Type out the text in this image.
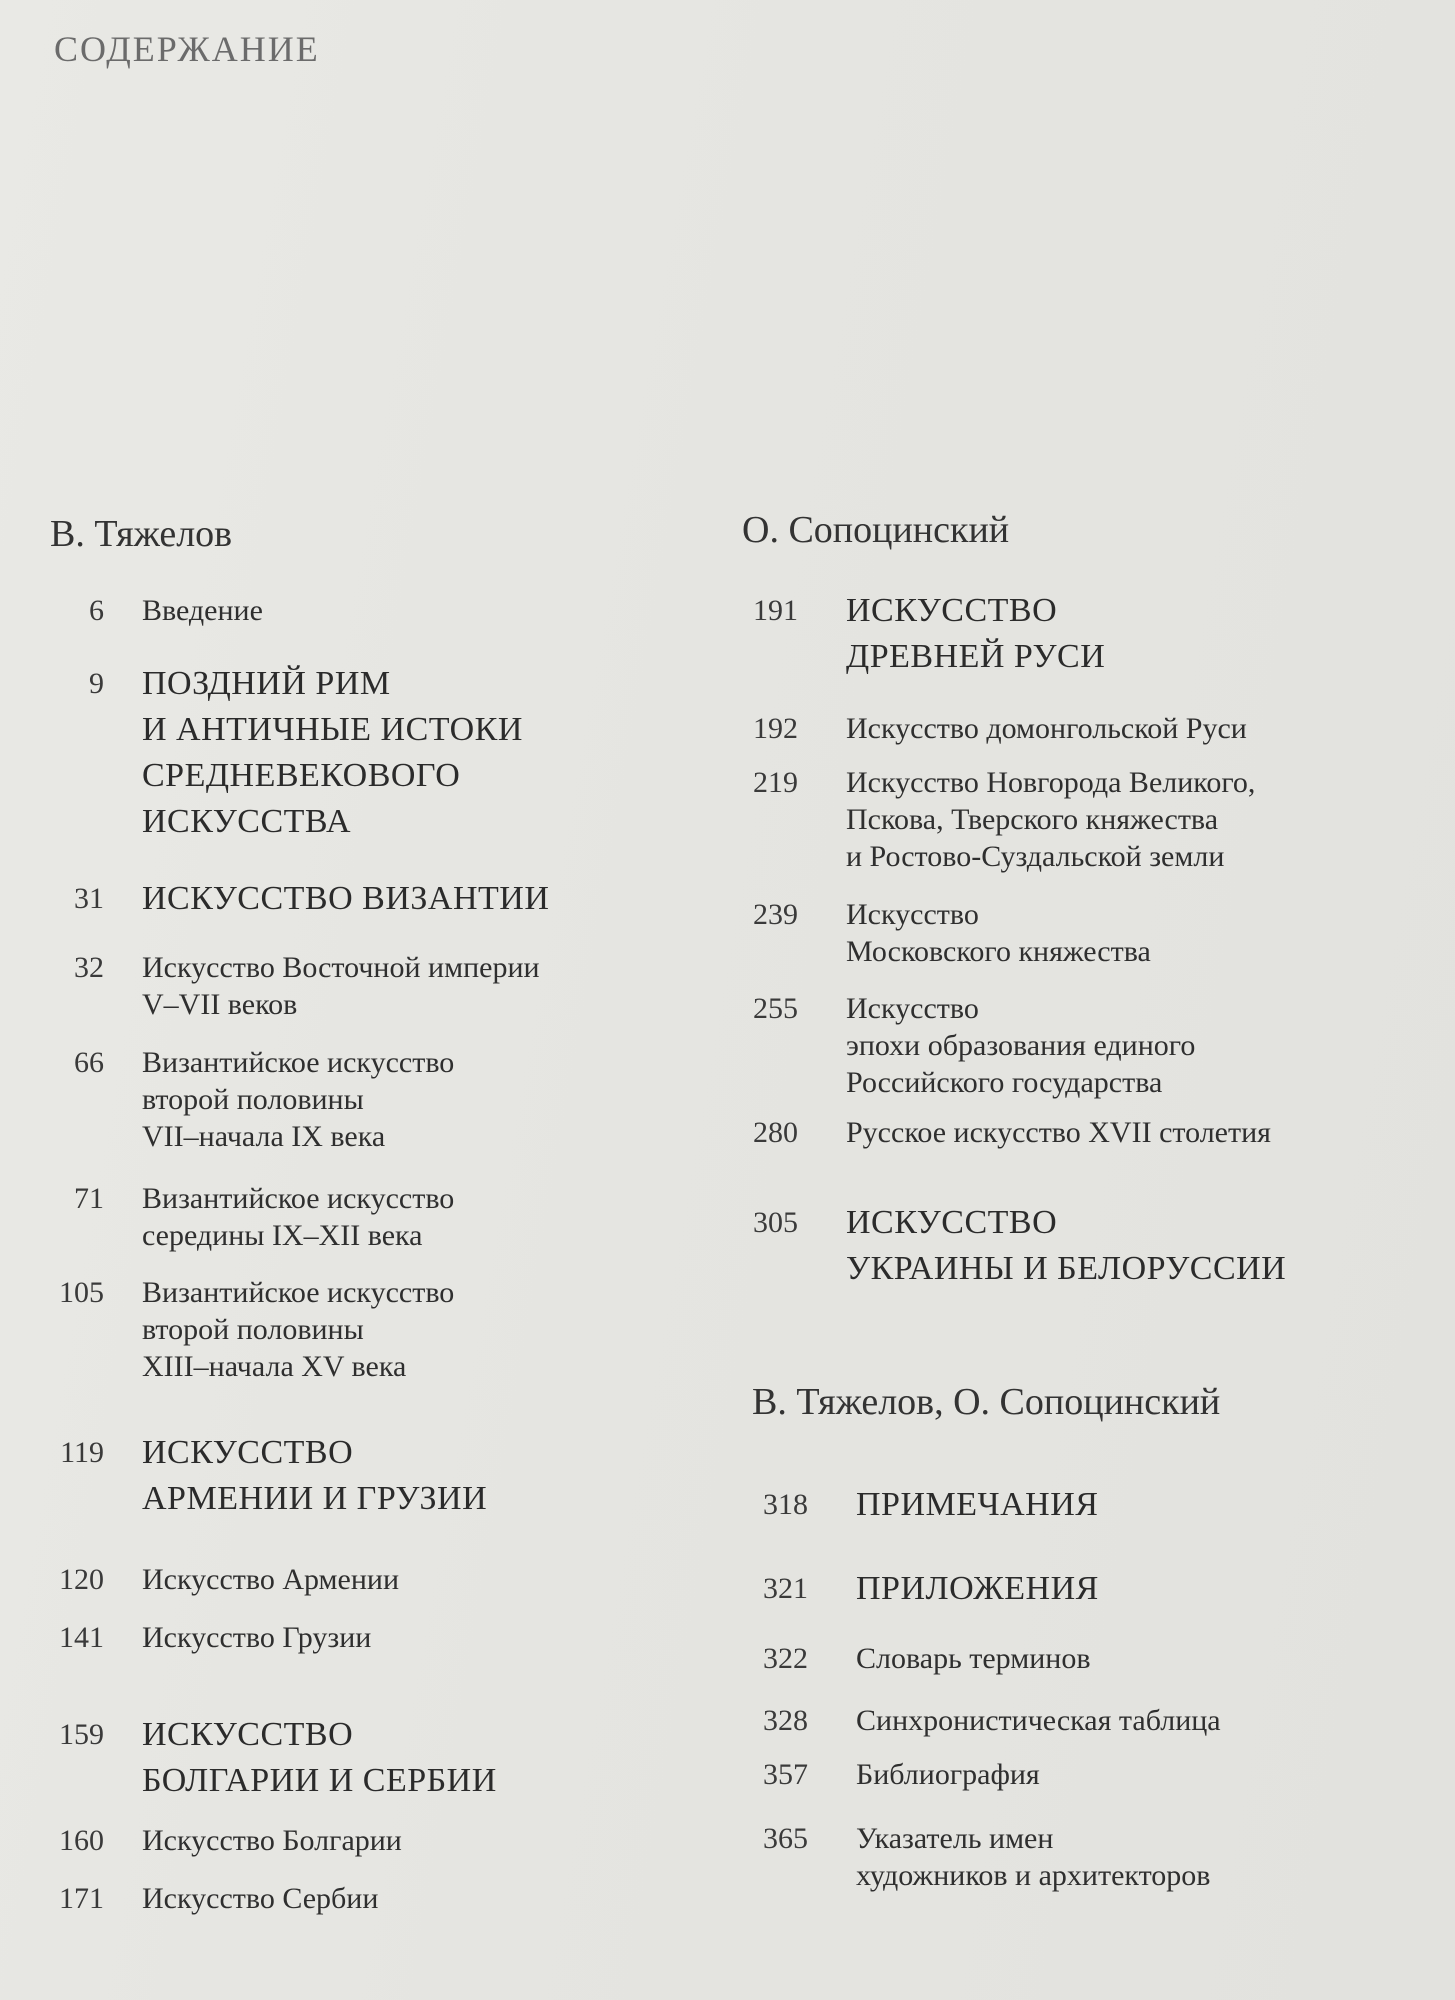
СОДЕРЖАНИЕ
В. Тяжелов
6 Введение
9 ПОЗДНИЙ РИМ
И АНТИЧНЫЕ ИСТОКИ
СРЕДНЕВЕКОВОГО
ИСКУССТВА
31 ИСКУССТВО ВИЗАНТИИ
32 Искусство Восточной империи
V–VII веков
66 Византийское искусство
второй половины
VII–начала IX века
71 Византийское искусство
середины IX–XII века
105 Византийское искусство
второй половины
XIII–начала XV века
119 ИСКУССТВО
АРМЕНИИ И ГРУЗИИ
120 Искусство Армении
141 Искусство Грузии
159 ИСКУССТВО
БОЛГАРИИ И СЕРБИИ
160 Искусство Болгарии
171 Искусство Сербии
О. Сопоцинский
191 ИСКУССТВО
ДРЕВНЕЙ РУСИ
192 Искусство домонгольской Руси
219 Искусство Новгорода Великого,
Пскова, Тверского княжества
и Ростово-Суздальской земли
239 Искусство
Московского княжества
255 Искусство
эпохи образования единого
Российского государства
280 Русское искусство XVII столетия
305 ИСКУССТВО
УКРАИНЫ И БЕЛОРУССИИ
В. Тяжелов, О. Сопоцинский
318 ПРИМЕЧАНИЯ
321 ПРИЛОЖЕНИЯ
322 Словарь терминов
328 Синхронистическая таблица
357 Библиография
365 Указатель имен
художников и архитекторов
